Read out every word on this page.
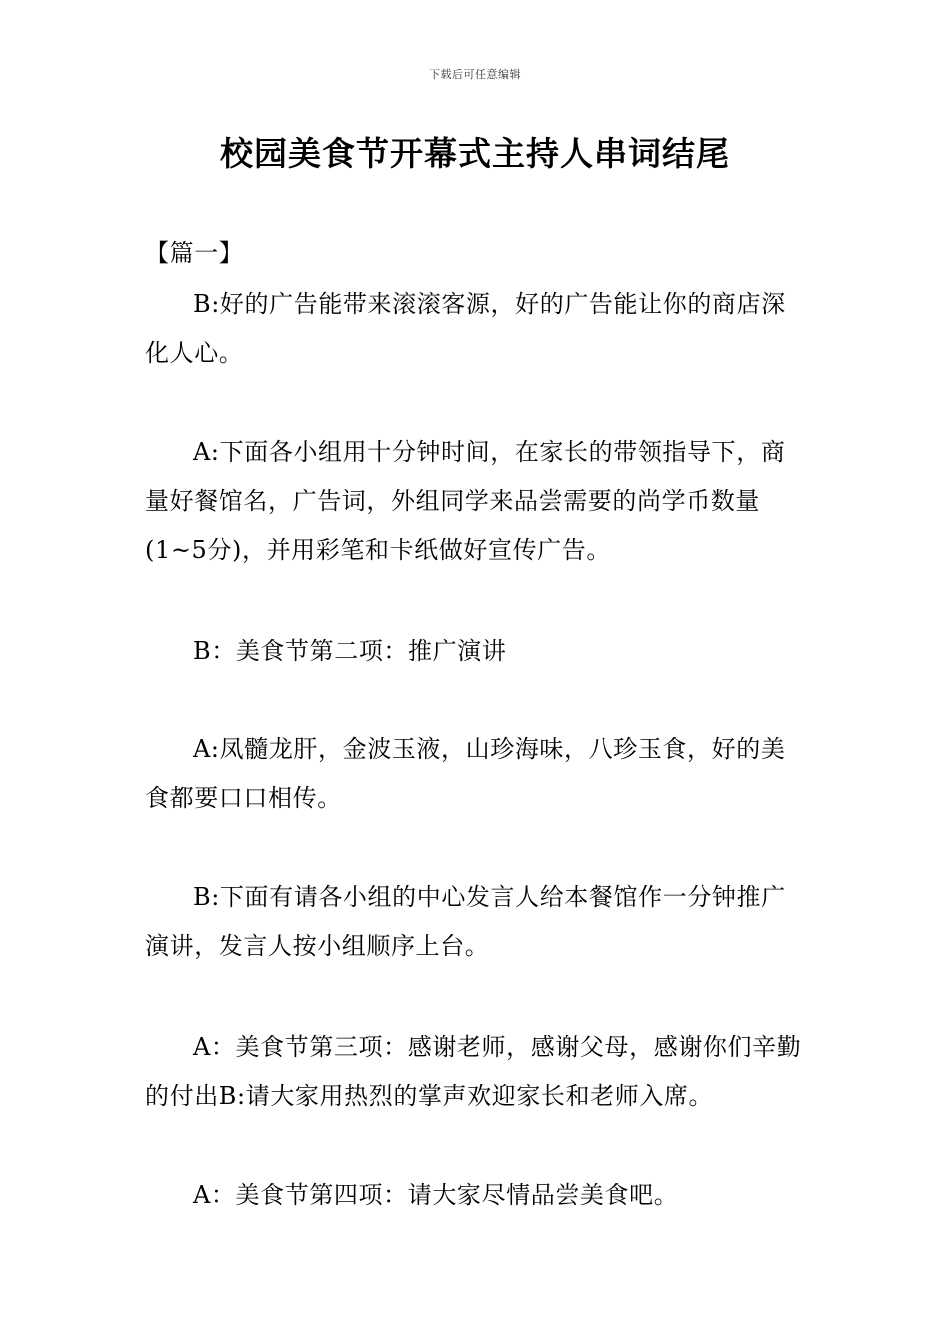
下载后可任意编辑
校园美食节开幕式主持人串词结尾
【篇一】
B:好的广告能带来滚滚客源，好的广告能让你的商店深化人心。
A:下面各小组用十分钟时间，在家长的带领指导下，商量好餐馆名，广告词，外组同学来品尝需要的尚学币数量(1~5分)，并用彩笔和卡纸做好宣传广告。
B：美食节第二项：推广演讲
A:凤髓龙肝，金波玉液，山珍海味，八珍玉食，好的美食都要口口相传。
B:下面有请各小组的中心发言人给本餐馆作一分钟推广演讲，发言人按小组顺序上台。
A：美食节第三项：感谢老师，感谢父母，感谢你们辛勤的付出B:请大家用热烈的掌声欢迎家长和老师入席。
A：美食节第四项：请大家尽情品尝美食吧。
